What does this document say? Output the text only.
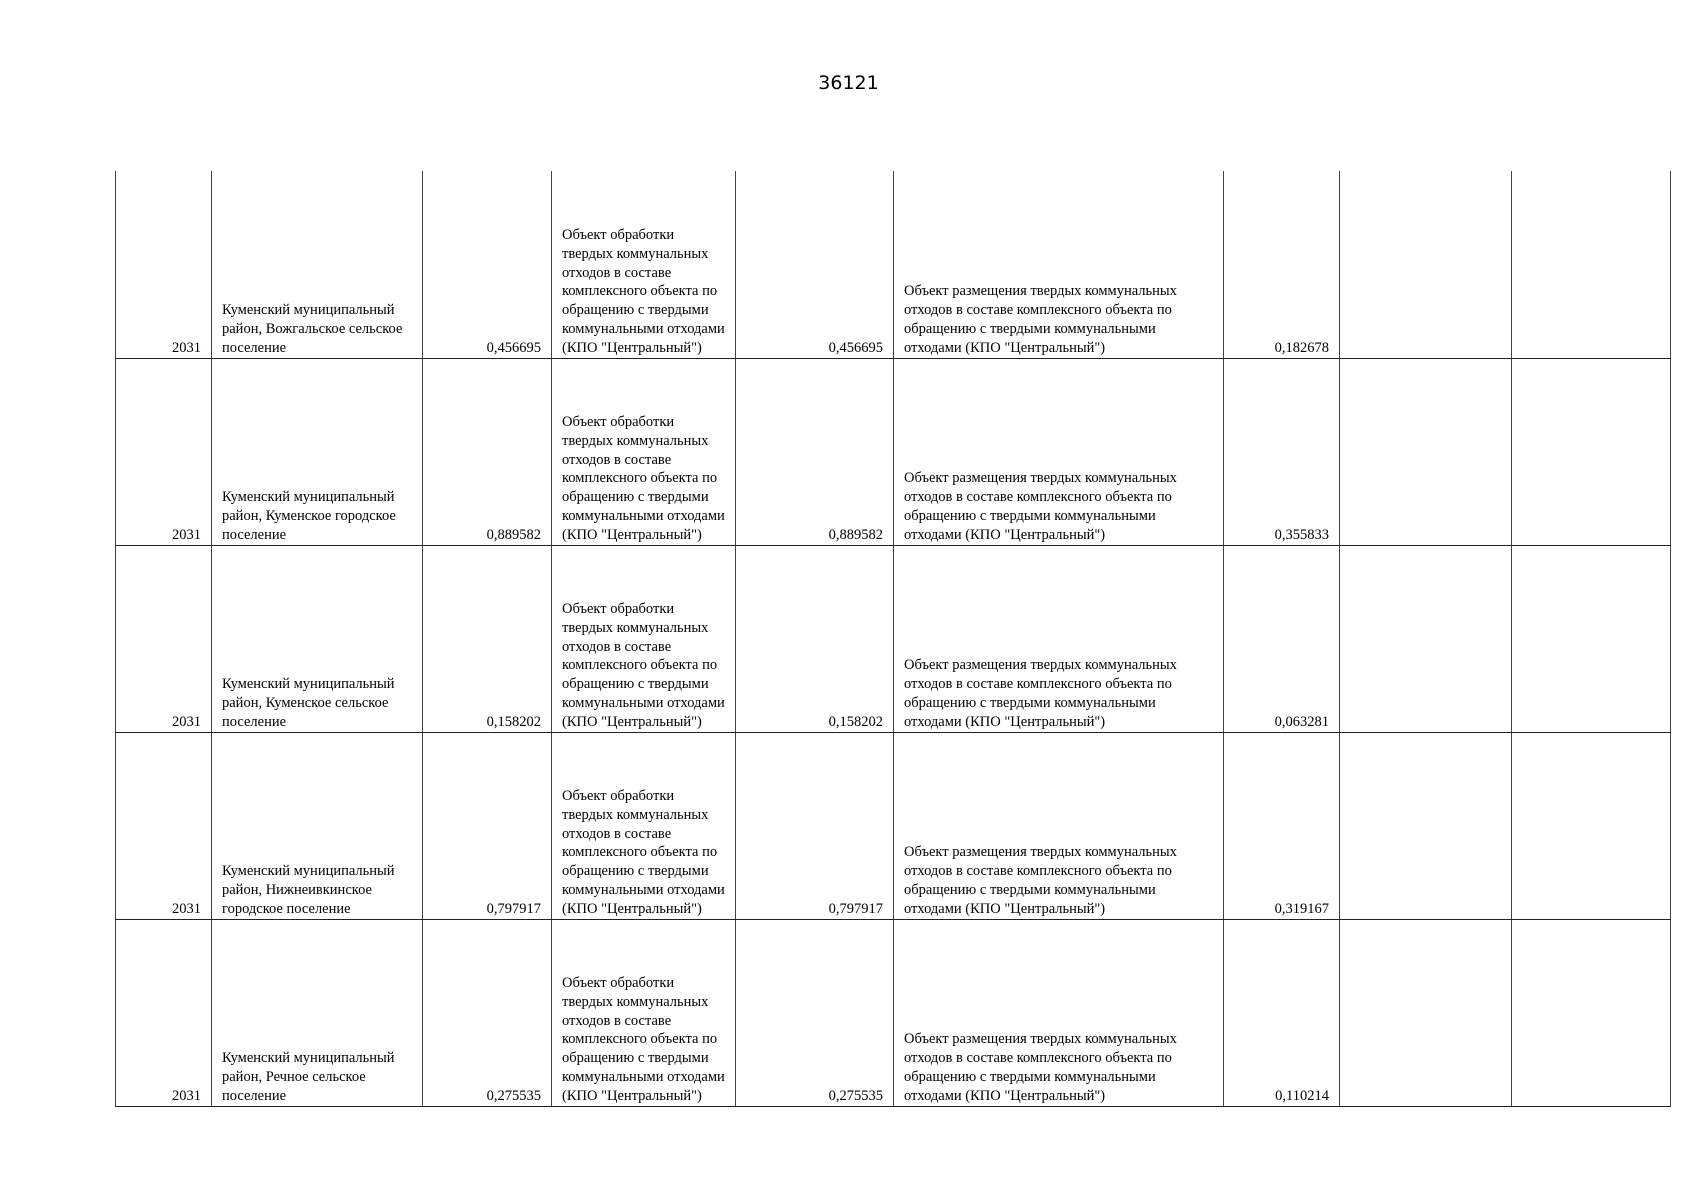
36121
2031	Куменский муниципальный район, Вожгальское сельское поселение	0,456695	Объект обработки твердых коммунальных отходов в составе комплексного объекта по обращению с твердыми коммунальными отходами (КПО "Центральный")	0,456695	Объект размещения твердых коммунальных отходов в составе комплексного объекта по обращению с твердыми коммунальными отходами (КПО "Центральный")	0,182678		
2031	Куменский муниципальный район, Куменское городское поселение	0,889582	Объект обработки твердых коммунальных отходов в составе комплексного объекта по обращению с твердыми коммунальными отходами (КПО "Центральный")	0,889582	Объект размещения твердых коммунальных отходов в составе комплексного объекта по обращению с твердыми коммунальными отходами (КПО "Центральный")	0,355833		
2031	Куменский муниципальный район, Куменское сельское поселение	0,158202	Объект обработки твердых коммунальных отходов в составе комплексного объекта по обращению с твердыми коммунальными отходами (КПО "Центральный")	0,158202	Объект размещения твердых коммунальных отходов в составе комплексного объекта по обращению с твердыми коммунальными отходами (КПО "Центральный")	0,063281		
2031	Куменский муниципальный район, Нижнеивкинское городское поселение	0,797917	Объект обработки твердых коммунальных отходов в составе комплексного объекта по обращению с твердыми коммунальными отходами (КПО "Центральный")	0,797917	Объект размещения твердых коммунальных отходов в составе комплексного объекта по обращению с твердыми коммунальными отходами (КПО "Центральный")	0,319167		
2031	Куменский муниципальный район, Речное сельское поселение	0,275535	Объект обработки твердых коммунальных отходов в составе комплексного объекта по обращению с твердыми коммунальными отходами (КПО "Центральный")	0,275535	Объект размещения твердых коммунальных отходов в составе комплексного объекта по обращению с твердыми коммунальными отходами (КПО "Центральный")	0,110214		
